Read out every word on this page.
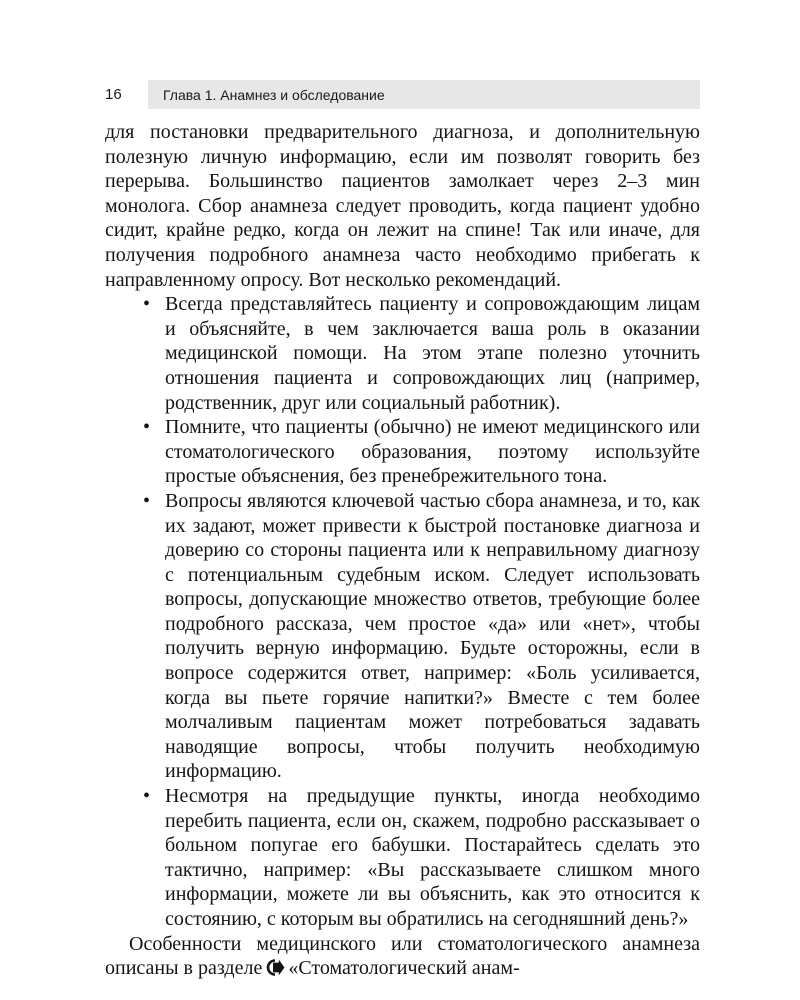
16	Глава 1. Анамнез и обследование

для постановки предварительного диагноза, и дополнительную полезную личную информацию, если им позволят говорить без перерыва. Большинство пациентов замолкает через 2–3 мин монолога. Сбор анамнеза следует проводить, когда пациент удобно сидит, крайне редко, когда он лежит на спине! Так или иначе, для получения подробного анамнеза часто необходимо прибегать к направленному опросу. Вот несколько рекомендаций.

• Всегда представляйтесь пациенту и сопровождающим лицам и объясняйте, в чем заключается ваша роль в оказании медицинской помощи. На этом этапе полезно уточнить отношения пациента и сопровождающих лиц (например, родственник, друг или социальный работник).
• Помните, что пациенты (обычно) не имеют медицинского или стоматологического образования, поэтому используйте простые объяснения, без пренебрежительного тона.
• Вопросы являются ключевой частью сбора анамнеза, и то, как их задают, может привести к быстрой постановке диагноза и доверию со стороны пациента или к неправильному диагнозу с потенциальным судебным иском. Следует использовать вопросы, допускающие множество ответов, требующие более подробного рассказа, чем простое «да» или «нет», чтобы получить верную информацию. Будьте осторожны, если в вопросе содержится ответ, например: «Боль усиливается, когда вы пьете горячие напитки?» Вместе с тем более молчаливым пациентам может потребоваться задавать наводящие вопросы, чтобы получить необходимую информацию.
• Несмотря на предыдущие пункты, иногда необходимо перебить пациента, если он, скажем, подробно рассказывает о больном попугае его бабушки. Постарайтесь сделать это тактично, например: «Вы рассказываете слишком много информации, можете ли вы объяснить, как это относится к состоянию, с которым вы обратились на сегодняшний день?»

Особенности медицинского или стоматологического анамнеза описаны в разделе «Стоматологический анам-
